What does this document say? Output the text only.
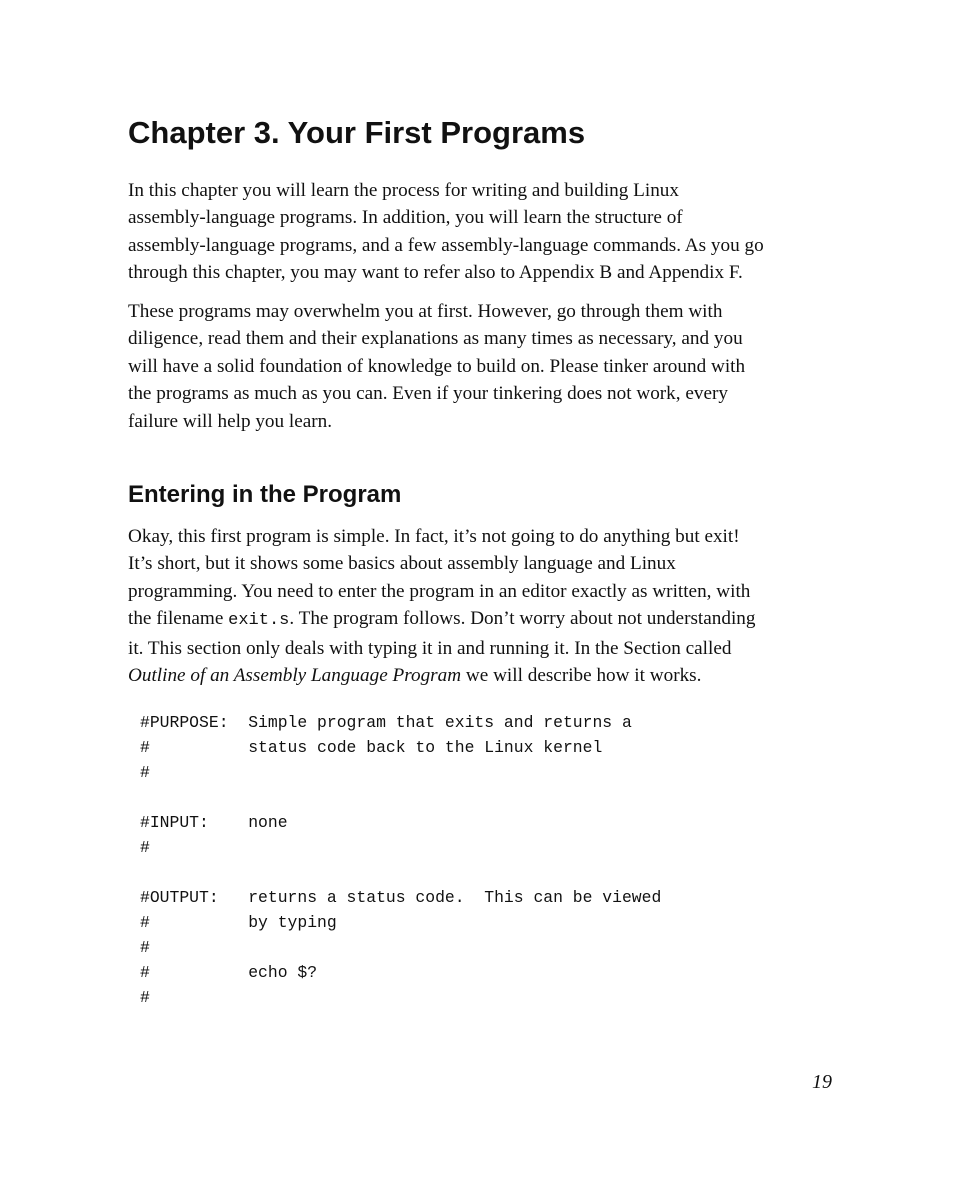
Chapter 3. Your First Programs

In this chapter you will learn the process for writing and building Linux
assembly-language programs. In addition, you will learn the structure of
assembly-language programs, and a few assembly-language commands. As you go
through this chapter, you may want to refer also to Appendix B and Appendix F.

These programs may overwhelm you at first. However, go through them with
diligence, read them and their explanations as many times as necessary, and you
will have a solid foundation of knowledge to build on. Please tinker around with
the programs as much as you can. Even if your tinkering does not work, every
failure will help you learn.

Entering in the Program

Okay, this first program is simple. In fact, it’s not going to do anything but exit!
It’s short, but it shows some basics about assembly language and Linux
programming. You need to enter the program in an editor exactly as written, with
the filename exit.s. The program follows. Don’t worry about not understanding
it. This section only deals with typing it in and running it. In the Section called
Outline of an Assembly Language Program we will describe how it works.

#PURPOSE:  Simple program that exits and returns a
#          status code back to the Linux kernel
#
#INPUT:    none
#
#OUTPUT:   returns a status code.  This can be viewed
#          by typing
#
#          echo $?
#
19
